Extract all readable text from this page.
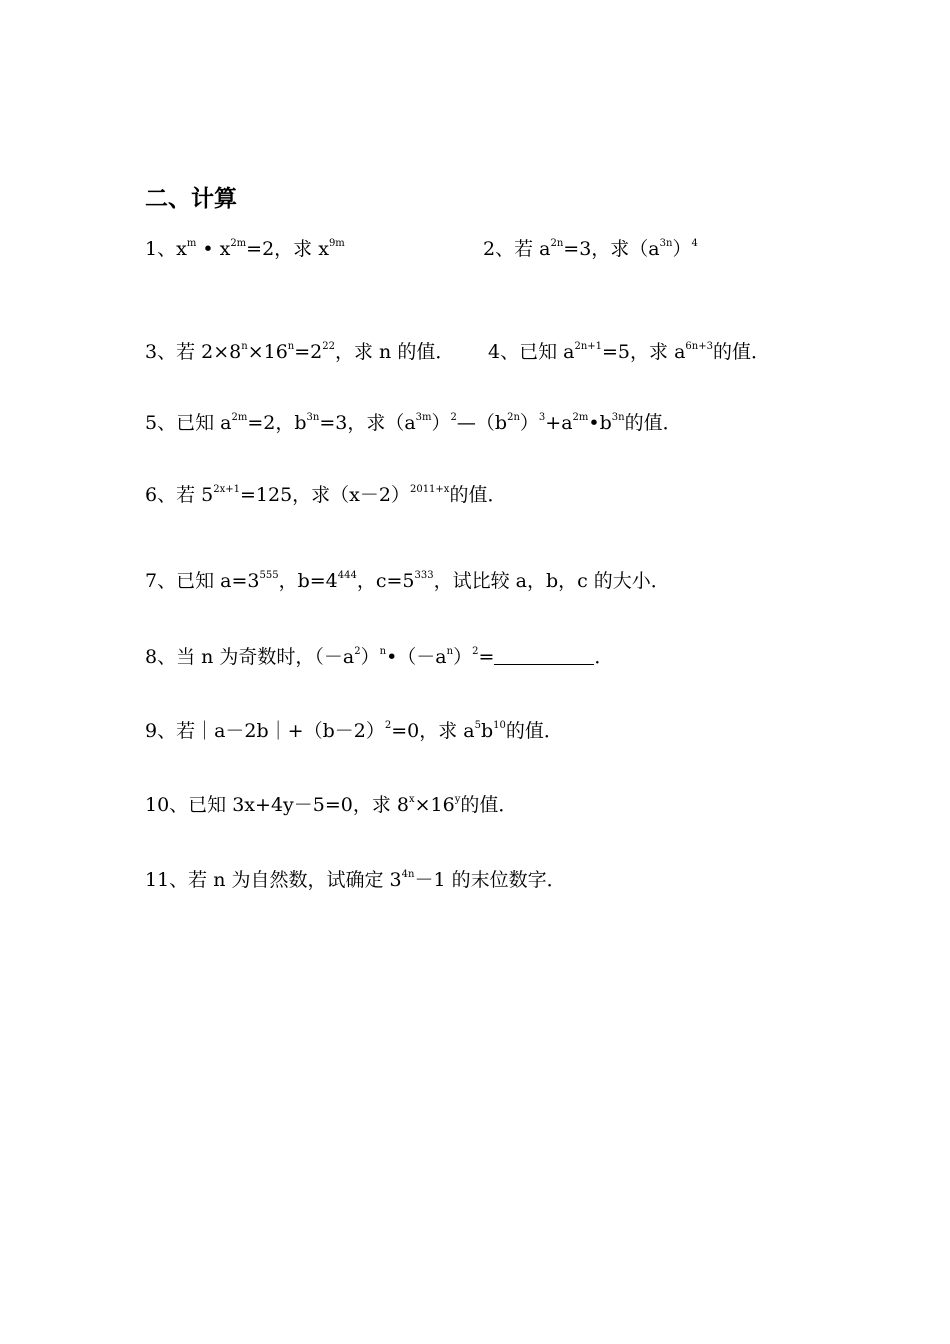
二、计算
1、$x^m$ • $x^{2m}=2$，求 $x^{9m}$	2、若 $a^{2n}=3$，求$(a^{3n})^4$
3、若 $2\times 8^n\times 16^n=2^{22}$，求 n 的值． 4、已知 $a^{2n+1}=5$，求 $a^{6n+3}$的值．
5、已知 $a^{2m}=2$，$b^{3n}=3$，求$(a^{3m})^2—(b^{2n})^3+a^{2m}•b^{3n}$的值．
6、若 $5^{2x+1}=125$，求$(x-2)^{2011+x}$的值．
7、已知 $a=3^{555}$，$b=4^{444}$，$c=5^{333}$，试比较 a，b，c 的大小．
8、当 n 为奇数时，$(-a^2)^n•(-a^n)^2=$	．
9、若$|a-2b|+(b-2)^2=0$，求 $a^5b^{10}$的值．
10、已知 3x+4y－5=0，求 $8^x\times 16^y$的值．
11、若 n 为自然数，试确定 $3^{4n}-1$ 的末位数字．
